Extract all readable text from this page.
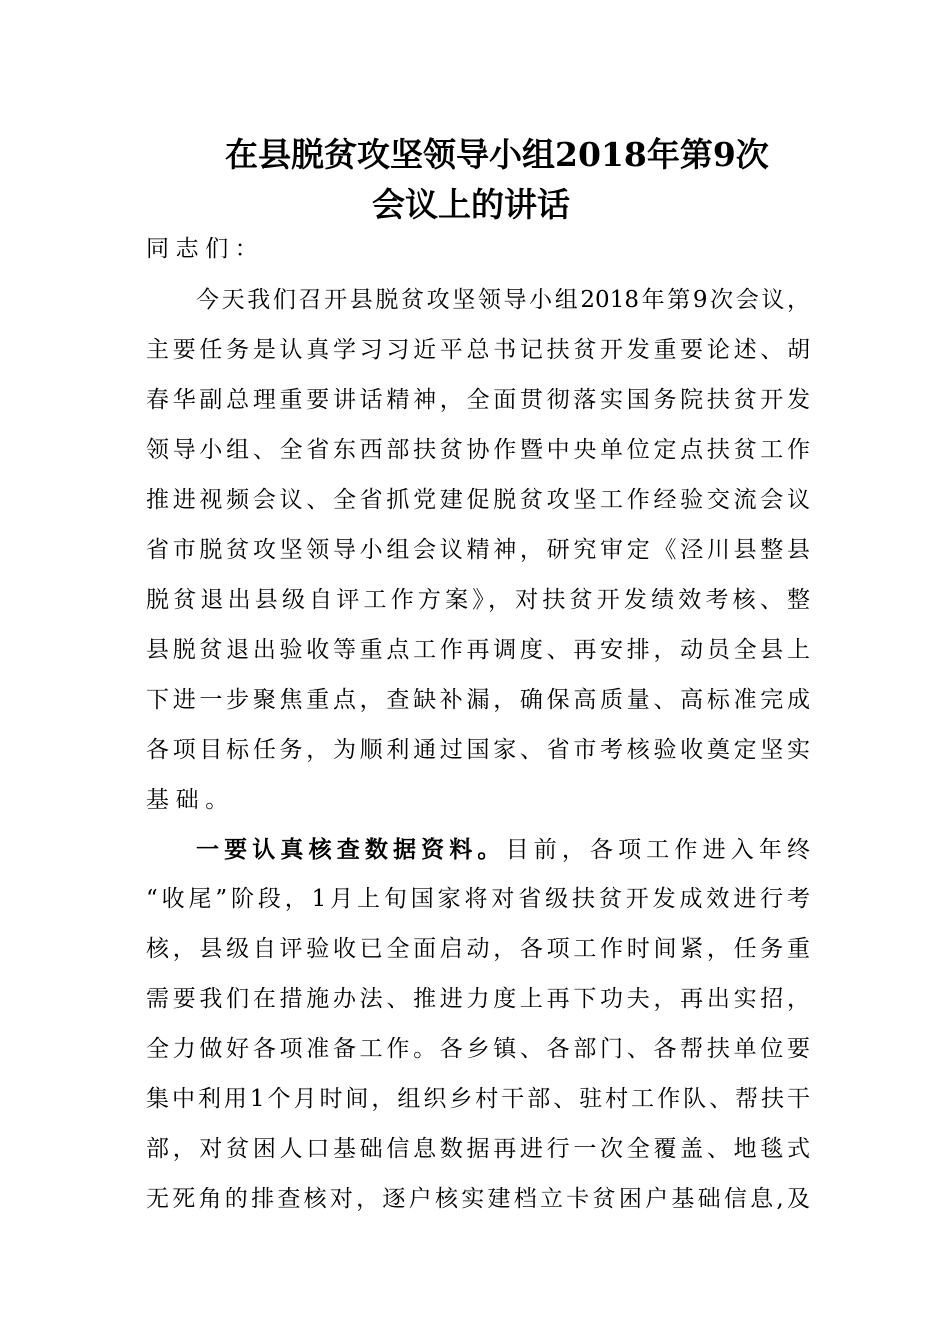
在县脱贫攻坚领导小组2018年第9次
会议上的讲话
同志们：
今天我们召开县脱贫攻坚领导小组2018年第9次会议，
主要任务是认真学习习近平总书记扶贫开发重要论述、胡
春华副总理重要讲话精神，全面贯彻落实国务院扶贫开发
领导小组、全省东西部扶贫协作暨中央单位定点扶贫工作
推进视频会议、全省抓党建促脱贫攻坚工作经验交流会议
省市脱贫攻坚领导小组会议精神，研究审定《泾川县整县
脱贫退出县级自评工作方案》，对扶贫开发绩效考核、整
县脱贫退出验收等重点工作再调度、再安排，动员全县上
下进一步聚焦重点，查缺补漏，确保高质量、高标准完成
各项目标任务，为顺利通过国家、省市考核验收奠定坚实
基础。
一要认真核查数据资料。目前，各项工作进入年终
“收尾”阶段，1月上旬国家将对省级扶贫开发成效进行考
核，县级自评验收已全面启动，各项工作时间紧，任务重
需要我们在措施办法、推进力度上再下功夫，再出实招，
全力做好各项准备工作。各乡镇、各部门、各帮扶单位要
集中利用1个月时间，组织乡村干部、驻村工作队、帮扶干
部，对贫困人口基础信息数据再进行一次全覆盖、地毯式
无死角的排查核对，逐户核实建档立卡贫困户基础信息,及
